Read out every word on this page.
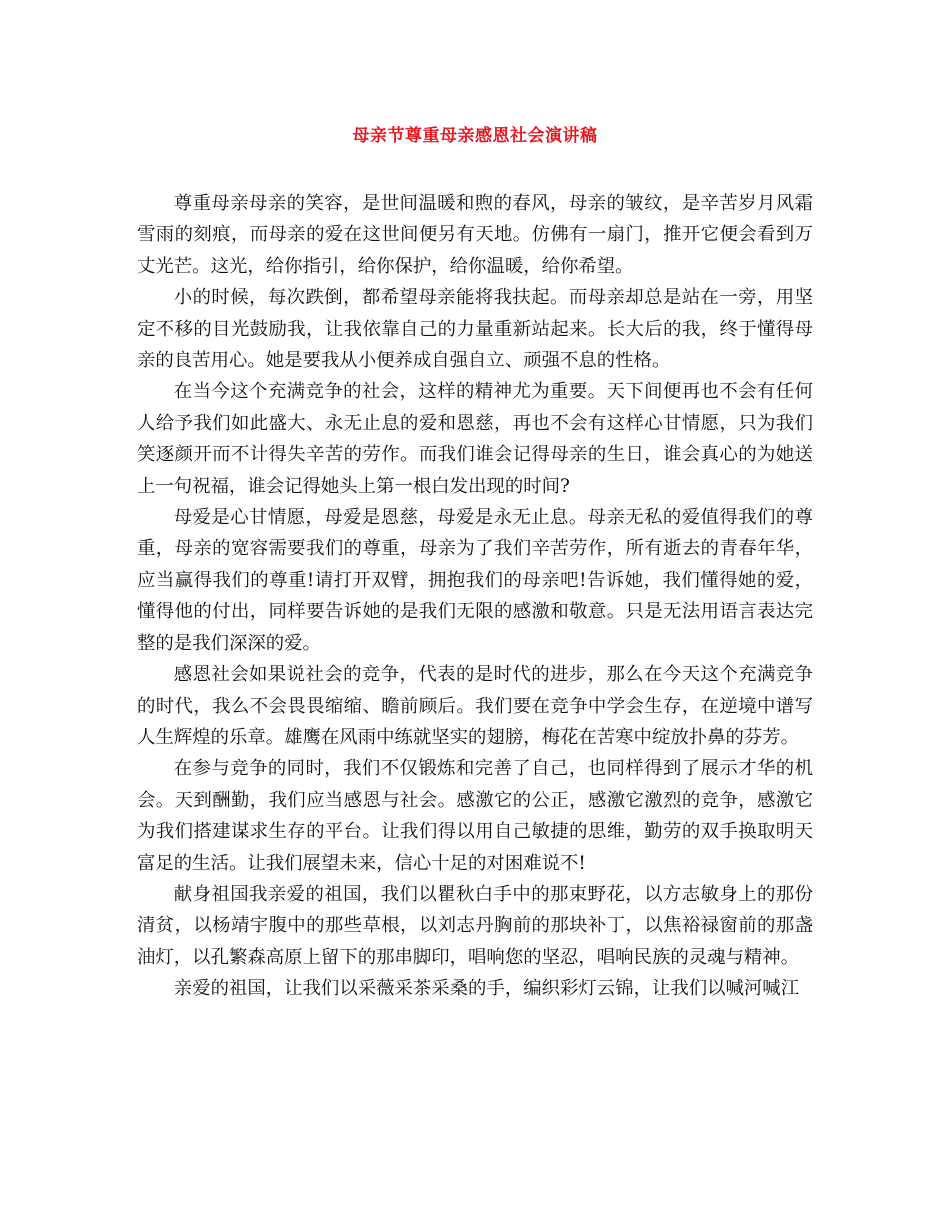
母亲节尊重母亲感恩社会演讲稿

尊重母亲母亲的笑容，是世间温暖和煦的春风，母亲的皱纹，是辛苦岁月风霜雪雨的刻痕，而母亲的爱在这世间便另有天地。仿佛有一扇门，推开它便会看到万丈光芒。这光，给你指引，给你保护，给你温暖，给你希望。

小的时候，每次跌倒，都希望母亲能将我扶起。而母亲却总是站在一旁，用坚定不移的目光鼓励我，让我依靠自己的力量重新站起来。长大后的我，终于懂得母亲的良苦用心。她是要我从小便养成自强自立、顽强不息的性格。

在当今这个充满竞争的社会，这样的精神尤为重要。天下间便再也不会有任何人给予我们如此盛大、永无止息的爱和恩慈，再也不会有这样心甘情愿，只为我们笑逐颜开而不计得失辛苦的劳作。而我们谁会记得母亲的生日，谁会真心的为她送上一句祝福，谁会记得她头上第一根白发出现的时间?

母爱是心甘情愿，母爱是恩慈，母爱是永无止息。母亲无私的爱值得我们的尊重，母亲的宽容需要我们的尊重，母亲为了我们辛苦劳作，所有逝去的青春年华，应当赢得我们的尊重!请打开双臂，拥抱我们的母亲吧!告诉她，我们懂得她的爱，懂得他的付出，同样要告诉她的是我们无限的感激和敬意。只是无法用语言表达完整的是我们深深的爱。

感恩社会如果说社会的竞争，代表的是时代的进步，那么在今天这个充满竞争的时代，我么不会畏畏缩缩、瞻前顾后。我们要在竞争中学会生存，在逆境中谱写人生辉煌的乐章。雄鹰在风雨中练就坚实的翅膀，梅花在苦寒中绽放扑鼻的芬芳。

在参与竞争的同时，我们不仅锻炼和完善了自己，也同样得到了展示才华的机会。天到酬勤，我们应当感恩与社会。感激它的公正，感激它激烈的竞争，感激它为我们搭建谋求生存的平台。让我们得以用自己敏捷的思维，勤劳的双手换取明天富足的生活。让我们展望未来，信心十足的对困难说不!

献身祖国我亲爱的祖国，我们以瞿秋白手中的那束野花，以方志敏身上的那份清贫，以杨靖宇腹中的那些草根，以刘志丹胸前的那块补丁，以焦裕禄窗前的那盏油灯，以孔繁森高原上留下的那串脚印，唱响您的坚忍，唱响民族的灵魂与精神。

亲爱的祖国，让我们以采薇采茶采桑的手，编织彩灯云锦，让我们以喊河喊江
